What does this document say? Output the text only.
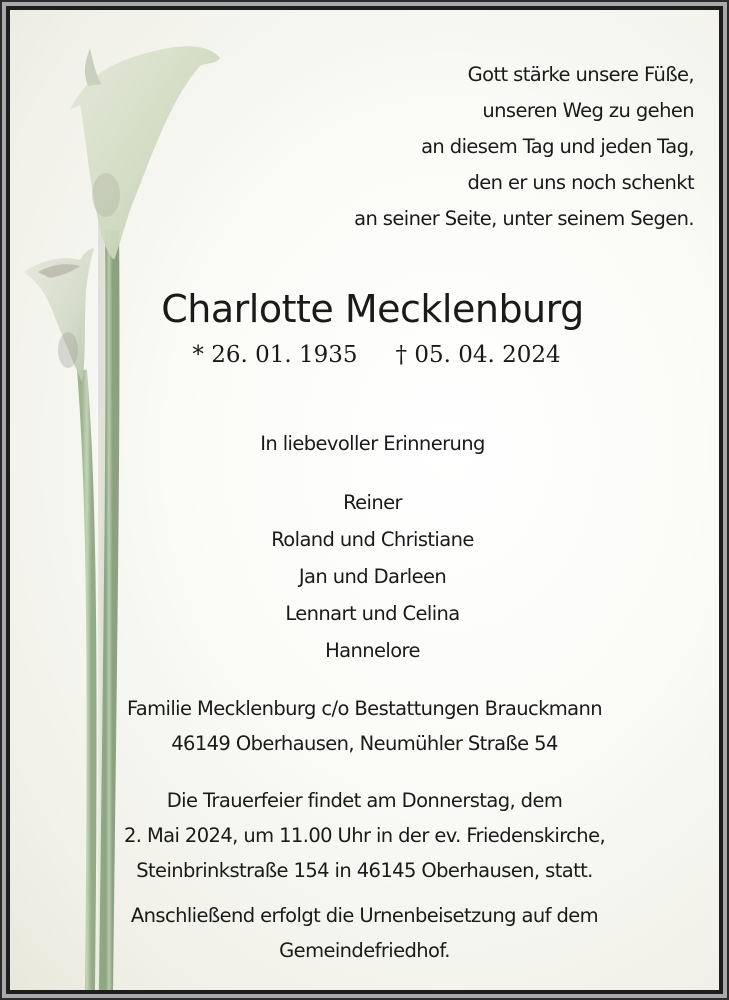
Gott stärke unsere Füße,
unseren Weg zu gehen
an diesem Tag und jeden Tag,
den er uns noch schenkt
an seiner Seite, unter seinem Segen.
Charlotte Mecklenburg
* 26. 01. 1935 † 05. 04. 2024
In liebevoller Erinnerung
Reiner
Roland und Christiane
Jan und Darleen
Lennart und Celina
Hannelore
Familie Mecklenburg c/o Bestattungen Brauckmann
46149 Oberhausen, Neumühler Straße 54
Die Trauerfeier findet am Donnerstag, dem
2. Mai 2024, um 11.00 Uhr in der ev. Friedenskirche,
Steinbrinkstraße 154 in 46145 Oberhausen, statt.
Anschließend erfolgt die Urnenbeisetzung auf dem
Gemeindefriedhof.
